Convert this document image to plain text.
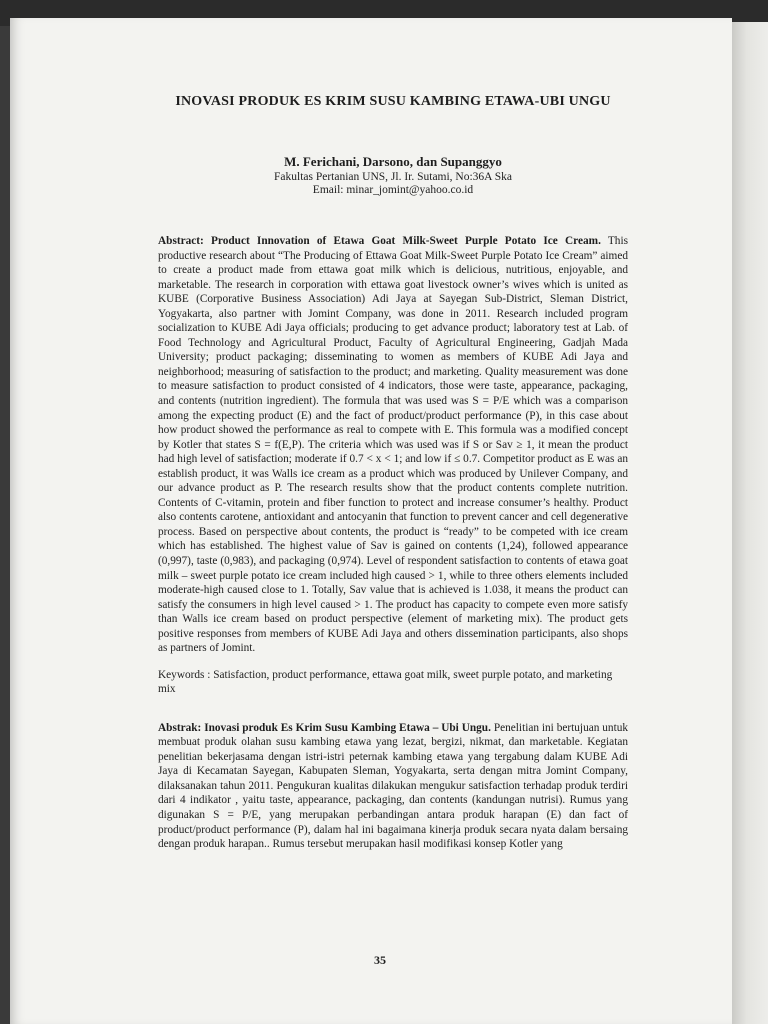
INOVASI PRODUK ES KRIM SUSU KAMBING ETAWA-UBI UNGU

M. Ferichani, Darsono, dan Supanggyo

Fakultas Pertanian UNS, Jl. Ir. Sutami, No:36A Ska

Email: minar_jomint@yahoo.co.id

Abstract: Product Innovation of Etawa Goat Milk-Sweet Purple Potato Ice Cream. This productive research about “The Producing of Ettawa Goat Milk-Sweet Purple Potato Ice Cream” aimed to create a product made from ettawa goat milk which is delicious, nutritious, enjoyable, and marketable. The research in corporation with ettawa goat livestock owner’s wives which is united as KUBE (Corporative Business Association) Adi Jaya at Sayegan Sub-District, Sleman District, Yogyakarta, also partner with Jomint Company, was done in 2011. Research included program socialization to KUBE Adi Jaya officials; producing to get advance product; laboratory test at Lab. of Food Technology and Agricultural Product, Faculty of Agricultural Engineering, Gadjah Mada University; product packaging; disseminating to women as members of KUBE Adi Jaya and neighborhood; measuring of satisfaction to the product; and marketing. Quality measurement was done to measure satisfaction to product consisted of 4 indicators, those were taste, appearance, packaging, and contents (nutrition ingredient). The formula that was used was S = P/E which was a comparison among the expecting product (E) and the fact of product/product performance (P), in this case about how product showed the performance as real to compete with E. This formula was a modified concept by Kotler that states S = f(E,P). The criteria which was used was if S or Sav ≥ 1, it mean the product had high level of satisfaction; moderate if 0.7 < x < 1; and low if ≤ 0.7. Competitor product as E was an establish product, it was Walls ice cream as a product which was produced by Unilever Company, and our advance product as P. The research results show that the product contents complete nutrition. Contents of C-vitamin, protein and fiber function to protect and increase consumer’s healthy. Product also contents carotene, antioxidant and antocyanin that function to prevent cancer and cell degenerative process. Based on perspective about contents, the product is “ready” to be competed with ice cream which has established. The highest value of Sav is gained on contents (1,24), followed appearance (0,997), taste (0,983), and packaging (0,974). Level of respondent satisfaction to contents of etawa goat milk – sweet purple potato ice cream included high caused > 1, while to three others elements included moderate-high caused close to 1. Totally, Sav value that is achieved is 1.038, it means the product can satisfy the consumers in high level caused > 1. The product has capacity to compete even more satisfy than Walls ice cream based on product perspective (element of marketing mix). The product gets positive responses from members of KUBE Adi Jaya and others dissemination participants, also shops as partners of Jomint.

Keywords : Satisfaction, product performance, ettawa goat milk, sweet purple potato, and marketing mix

Abstrak: Inovasi produk Es Krim Susu Kambing Etawa – Ubi Ungu. Penelitian ini bertujuan untuk membuat produk olahan susu kambing etawa yang lezat, bergizi, nikmat, dan marketable. Kegiatan penelitian bekerjasama dengan istri-istri peternak kambing etawa yang tergabung dalam KUBE Adi Jaya di Kecamatan Sayegan, Kabupaten Sleman, Yogyakarta, serta dengan mitra Jomint Company, dilaksanakan tahun 2011. Pengukuran kualitas dilakukan mengukur satisfaction terhadap produk terdiri dari 4 indikator , yaitu taste, appearance, packaging, dan contents (kandungan nutrisi). Rumus yang digunakan S = P/E, yang merupakan perbandingan antara produk harapan (E) dan fact of product/product performance (P), dalam hal ini bagaimana kinerja produk secara nyata dalam bersaing dengan produk harapan.. Rumus tersebut merupakan hasil modifikasi konsep Kotler yang
35
